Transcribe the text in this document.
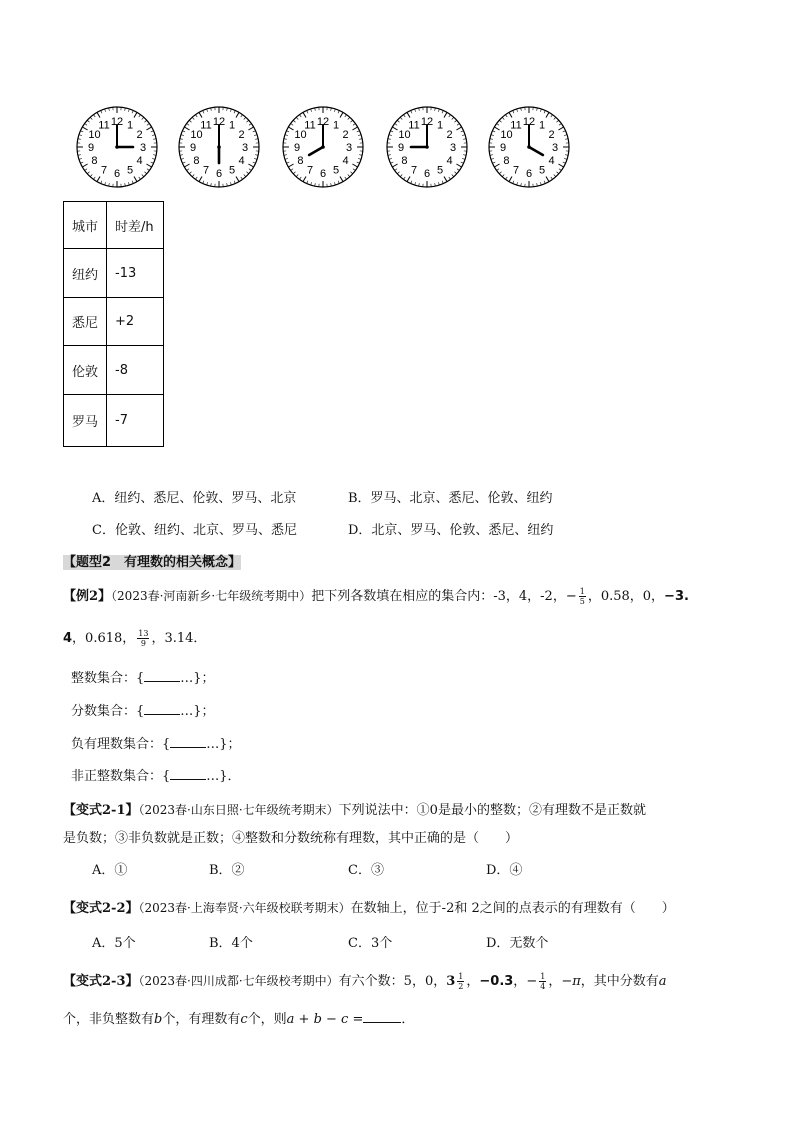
12 1
2
3
4
5
6
7
8
9
10
11	12 1
2
3
4
5
6
7
8
9
10
11	12 1
2
3
4
5
6
7
8
9
10
11	12 1
2
3
4
5
6
7
8
9
10
11	12 1
2
3
4
5
6
7
8
9
10
11
城市	时差/h
纽约	-13
悉尼	+2
伦敦	-8
罗马	-7
A．纽约、悉尼、伦敦、罗马、北京	B．罗马、北京、悉尼、伦敦、纽约
C．伦敦、纽约、北京、罗马、悉尼	D．北京、罗马、伦敦、悉尼、纽约
【题型2　有理数的相关概念】
【例2】（2023春·河南新乡·七年级统考期中）把下列各数填在相应的集合内：-3，4，-2，− $\frac{1}{5}$ ，0.58，0，−3.
4，0.618， $\frac{13}{9}$ ，3.14．
整数集合：{	…}；
分数集合：{	…}；
负有理数集合：{	…}；
非正整数集合：{	…}．
【变式2-1】（2023春·山东日照·七年级统考期末）下列说法中：①0是最小的整数；②有理数不是正数就
是负数；③非负数就是正数；④整数和分数统称有理数，其中正确的是（　　）
A．①	B．②	C．③	D．④
【变式2-2】（2023春·上海奉贤·六年级校联考期末）在数轴上，位于-2和 2之间的点表示的有理数有（　　）
A．5个	B．4个	C．3个	D．无数个
【变式2-3】（2023春·四川成都·七年级校考期中）有六个数：5，0，$3 \frac{1}{2}$ ，−0.3，− $\frac{1}{4}$ ，−π，其中分数有a
个，非负整数有b个，有理数有c个，则a + b − c =	．
